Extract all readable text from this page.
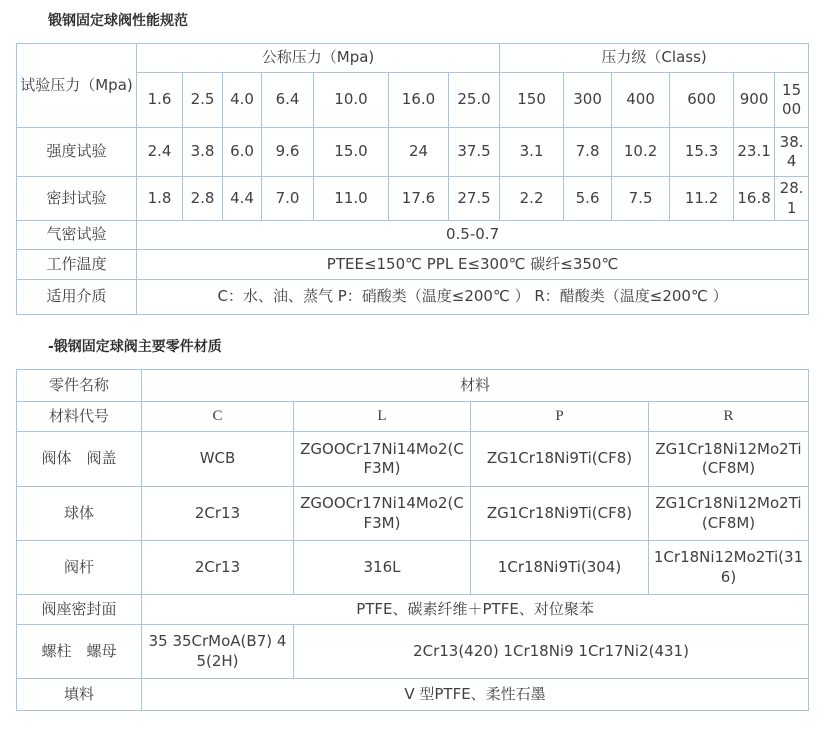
锻钢固定球阀性能规范
试验压力（Mpa)	公称压力（Mpa)							压力级（Class)					
	1.6	2.5	4.0	6.4	10.0	16.0	25.0	150	300	400	600	900	1500
强度试验	2.4	3.8	6.0	9.6	15.0	24	37.5	3.1	7.8	10.2	15.3	23.1	38.4
密封试验	1.8	2.8	4.4	7.0	11.0	17.6	27.5	2.2	5.6	7.5	11.2	16.8	28.1
气密试验	0.5-0.7												
工作温度	PTEE≤150℃ PPL E≤300℃ 碳纤≤350℃												
适用介质	C：水、油、蒸气 P：硝酸类（温度≤200℃ ） R：醋酸类（温度≤200℃ ）												
-锻钢固定球阀主要零件材质
零件名称	材料			
材料代号	C	L	P	R
阀体　阀盖	WCB	ZGOOCr17Ni14Mo2(CF3M)	ZG1Cr18Ni9Ti(CF8)	ZG1Cr18Ni12Mo2Ti(CF8M)
球体	2Cr13	ZGOOCr17Ni14Mo2(CF3M)	ZG1Cr18Ni9Ti(CF8)	ZG1Cr18Ni12Mo2Ti(CF8M)
阀杆	2Cr13	316L	1Cr18Ni9Ti(304)	1Cr18Ni12Mo2Ti(316)
阀座密封面	PTFE、碳素纤维＋PTFE、对位聚苯			
螺柱　螺母	35 35CrMoA(B7) 45(2H)	2Cr13(420) 1Cr18Ni9 1Cr17Ni2(431)		
填料	V 型PTFE、柔性石墨			
